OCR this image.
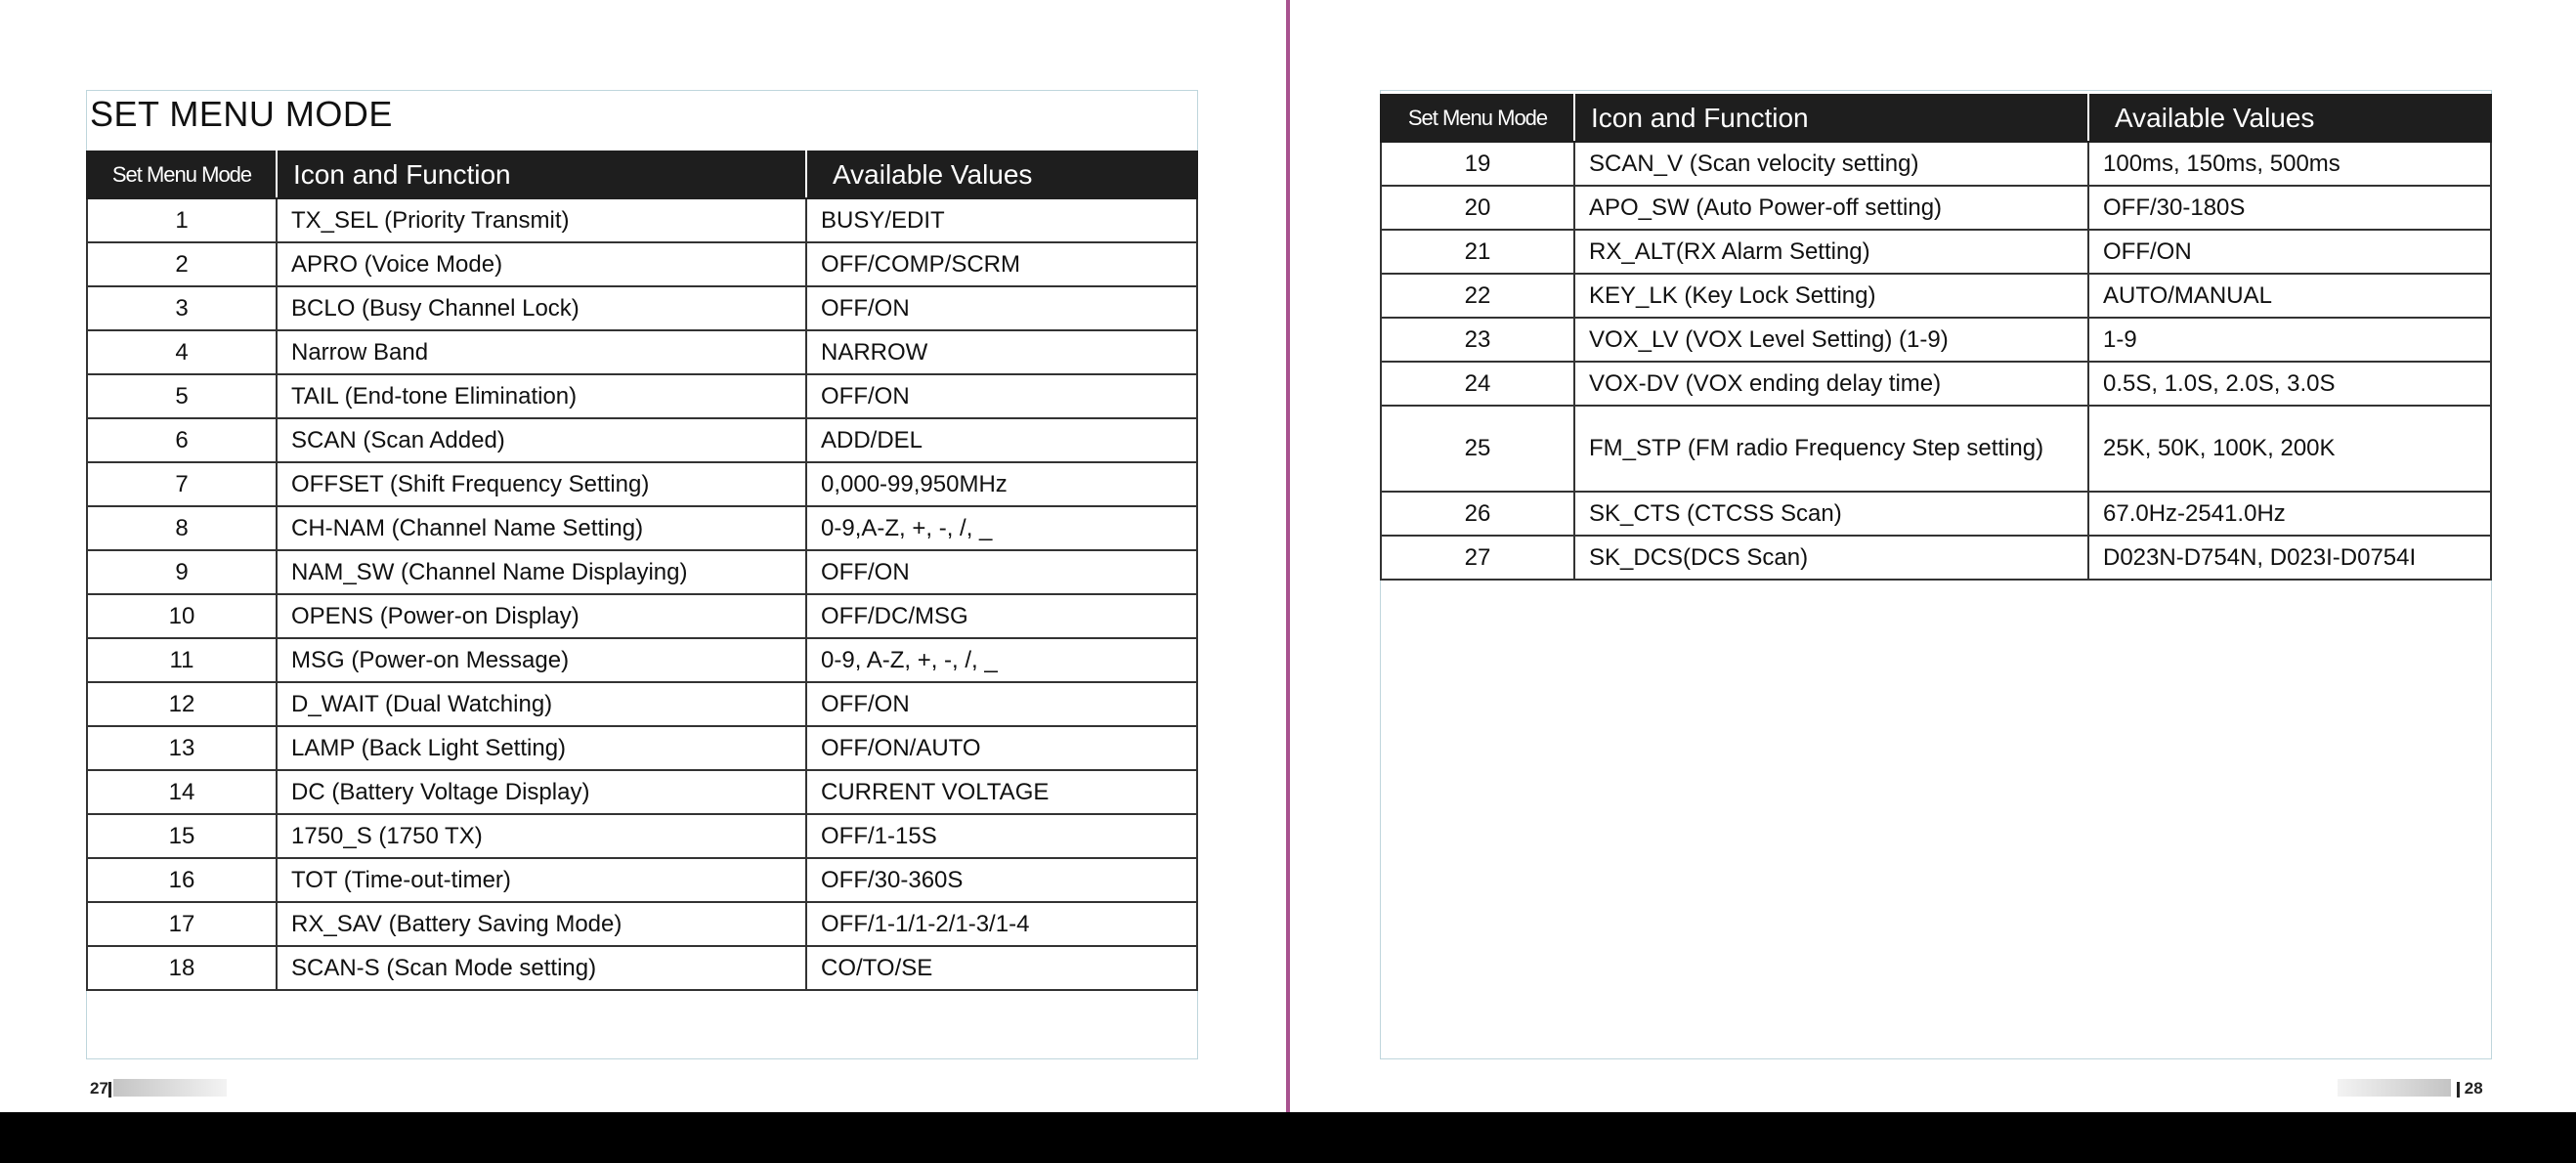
SET MENU MODE
Set Menu Mode	Icon and Function	Available Values
1	TX_SEL (Priority Transmit)	BUSY/EDIT
2	APRO (Voice Mode)	OFF/COMP/SCRM
3	BCLO (Busy Channel Lock)	OFF/ON
4	Narrow Band	NARROW
5	TAIL (End-tone Elimination)	OFF/ON
6	SCAN (Scan Added)	ADD/DEL
7	OFFSET (Shift Frequency Setting)	0,000-99,950MHz
8	CH-NAM (Channel Name Setting)	0-9,A-Z, +, -, /, _
9	NAM_SW (Channel Name Displaying)	OFF/ON
10	OPENS (Power-on Display)	OFF/DC/MSG
11	MSG (Power-on Message)	0-9, A-Z, +, -, /, _
12	D_WAIT (Dual Watching)	OFF/ON
13	LAMP (Back Light Setting)	OFF/ON/AUTO
14	DC (Battery Voltage Display)	CURRENT VOLTAGE
15	1750_S (1750 TX)	OFF/1-15S
16	TOT (Time-out-timer)	OFF/30-360S
17	RX_SAV (Battery Saving Mode)	OFF/1-1/1-2/1-3/1-4
18	SCAN-S (Scan Mode setting)	CO/TO/SE
27
Set Menu Mode	Icon and Function	Available Values
19	SCAN_V (Scan velocity setting)	100ms, 150ms, 500ms
20	APO_SW (Auto Power-off setting)	OFF/30-180S
21	RX_ALT(RX Alarm Setting)	OFF/ON
22	KEY_LK (Key Lock Setting)	AUTO/MANUAL
23	VOX_LV (VOX Level Setting) (1-9)	1-9
24	VOX-DV (VOX ending delay time)	0.5S, 1.0S, 2.0S, 3.0S
25	FM_STP (FM radio Frequency Step setting)	25K, 50K, 100K, 200K
26	SK_CTS (CTCSS Scan)	67.0Hz-2541.0Hz
27	SK_DCS(DCS Scan)	D023N-D754N, D023I-D0754I
28
